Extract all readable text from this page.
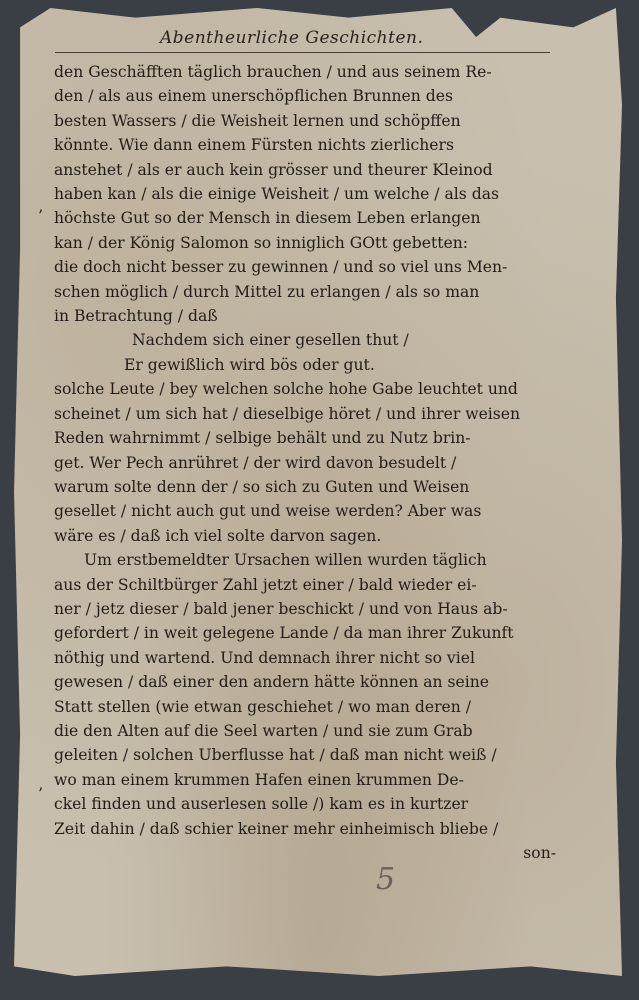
Abentheurliche Geschichten.
den Geschäfften täglich brauchen / und aus seinem Re-
den / als aus einem unerschöpflichen Brunnen des
besten Wassers / die Weisheit lernen und schöpffen
könnte. Wie dann einem Fürsten nichts zierlichers
anstehet / als er auch kein grösser und theurer Kleinod
haben kan / als die einige Weisheit / um welche / als das
höchste Gut so der Mensch in diesem Leben erlangen
kan / der König Salomon so inniglich GOtt gebetten:
die doch nicht besser zu gewinnen / und so viel uns Men-
schen möglich / durch Mittel zu erlangen / als so man
in Betrachtung / daß
Nachdem sich einer gesellen thut /
Er gewißlich wird bös oder gut.
solche Leute / bey welchen solche hohe Gabe leuchtet und
scheinet / um sich hat / dieselbige höret / und ihrer weisen
Reden wahrnimmt / selbige behält und zu Nutz brin-
get. Wer Pech anrühret / der wird davon besudelt /
warum solte denn der / so sich zu Guten und Weisen
gesellet / nicht auch gut und weise werden? Aber was
wäre es / daß ich viel solte darvon sagen.
Um erstbemeldter Ursachen willen wurden täglich
aus der Schiltbürger Zahl jetzt einer / bald wieder ei-
ner / jetz dieser / bald jener beschickt / und von Haus ab-
gefordert / in weit gelegene Lande / da man ihrer Zukunft
nöthig und wartend. Und demnach ihrer nicht so viel
gewesen / daß einer den andern hätte können an seine
Statt stellen (wie etwan geschiehet / wo man deren /
die den Alten auf die Seel warten / und sie zum Grab
geleiten / solchen Uberflusse hat / daß man nicht weiß /
wo man einem krummen Hafen einen krummen De-
ckel finden und auserlesen solle /) kam es in kurtzer
Zeit dahin / daß schier keiner mehr einheimisch bliebe /
son-
’
’
5
